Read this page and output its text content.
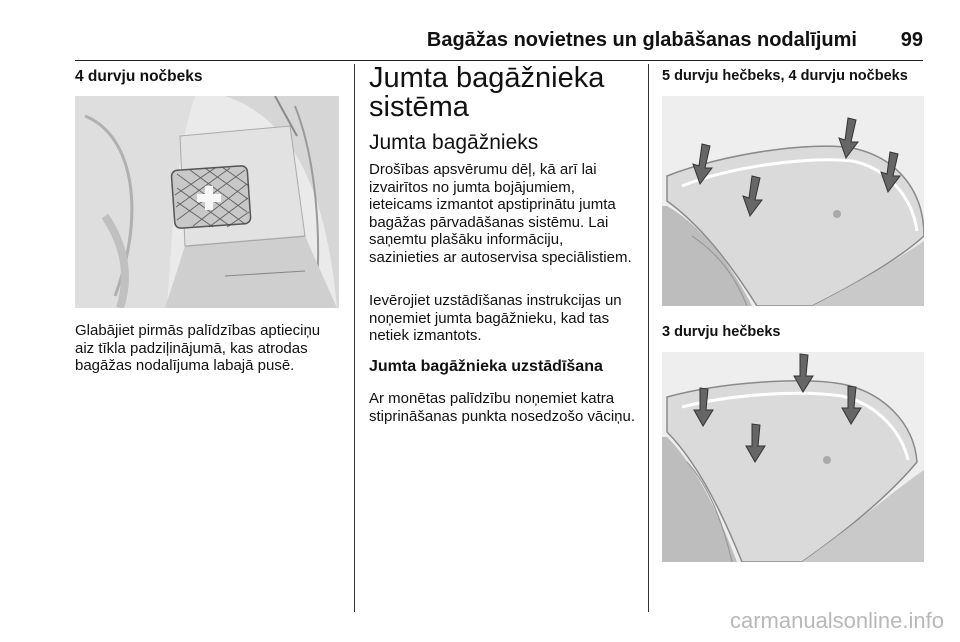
Bagāžas novietnes un glabāšanas nodalījumi 99
4 durvju nočbeks
Glabājiet pirmās palīdzības aptieciņu aiz tīkla padziļinājumā, kas atrodas bagāžas nodalījuma labajā pusē.
Jumta bagāžnieka sistēma
Jumta bagāžnieks
Drošības apsvērumu dēļ, kā arī lai izvairītos no jumta bojājumiem, ieteicams izmantot apstiprinātu jumta bagāžas pārvadāšanas sistēmu. Lai saņemtu plašāku informāciju, sazinieties ar autoservisa speciālistiem.
Ievērojiet uzstādīšanas instrukcijas un noņemiet jumta bagāžnieku, kad tas netiek izmantots.
Jumta bagāžnieka uzstādīšana
Ar monētas palīdzību noņemiet katra stiprināšanas punkta nosedzošo vāciņu.
5 durvju hečbeks, 4 durvju nočbeks
3 durvju hečbeks
carmanualsonline.info
